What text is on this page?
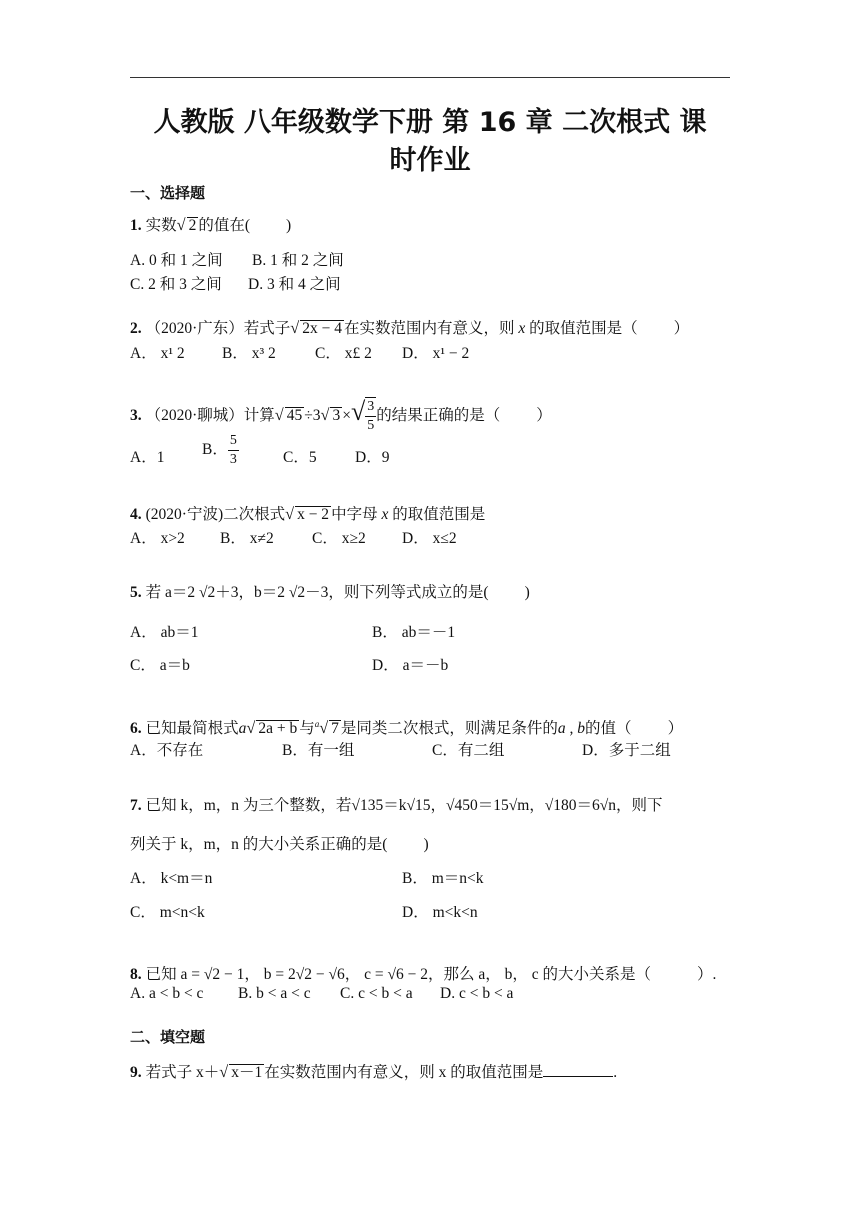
人教版 八年级数学下册 第 16 章 二次根式 课
时作业
一、选择题
1. 实数√ 2 的值在( )
A. 0 和 1 之间 B. 1 和 2 之间
C. 2 和 3 之间 D. 3 和 4 之间
2. （2020·广东）若式子√ 2x − 4 在实数范围内有意义，则 x 的取值范围是（ ）
A． x¹ 2 B． x³ 2	C． x£ 2 D． x¹ − 2
3. （2020·聊城）计算√ 45 ÷3√ 3 ×√ $\frac{3}{5}$ 的结果正确的是（ ）
A．1 B． $\frac{5}{3}$	C．5 D．9
4. (2020·宁波)二次根式√ x − 2 中字母 x 的取值范围是
A． x>2 B． x≠2 C． x≥2 D． x≤2
5. 若 a＝2 √2＋3，b＝2 √2－3，则下列等式成立的是( )
A． ab＝1	B． ab＝－1
C． a＝b	D． a＝－b
6. 已知最简根式a√ 2a + b 与$^a$√ 7 是同类二次根式，则满足条件的a , b的值（ ）
A．不存在	B．有一组	C．有二组	D．多于二组
7. 已知 k，m，n 为三个整数，若√135＝k√15，√450＝15√m，√180＝6√n，则下
列关于 k，m，n 的大小关系正确的是( )
A． k<m＝n	B． m＝n<k
C． m<n<k	D． m<k<n
8. 已知 a = √2 − 1， b = 2√2 − √6， c = √6 − 2，那么 a， b， c 的大小关系是（	）.
A. a < b < c B. b < a < c C. c < b < a D. c < b < a
二、填空题
9. 若式子 x＋√ x－1 在实数范围内有意义，则 x 的取值范围是	.
